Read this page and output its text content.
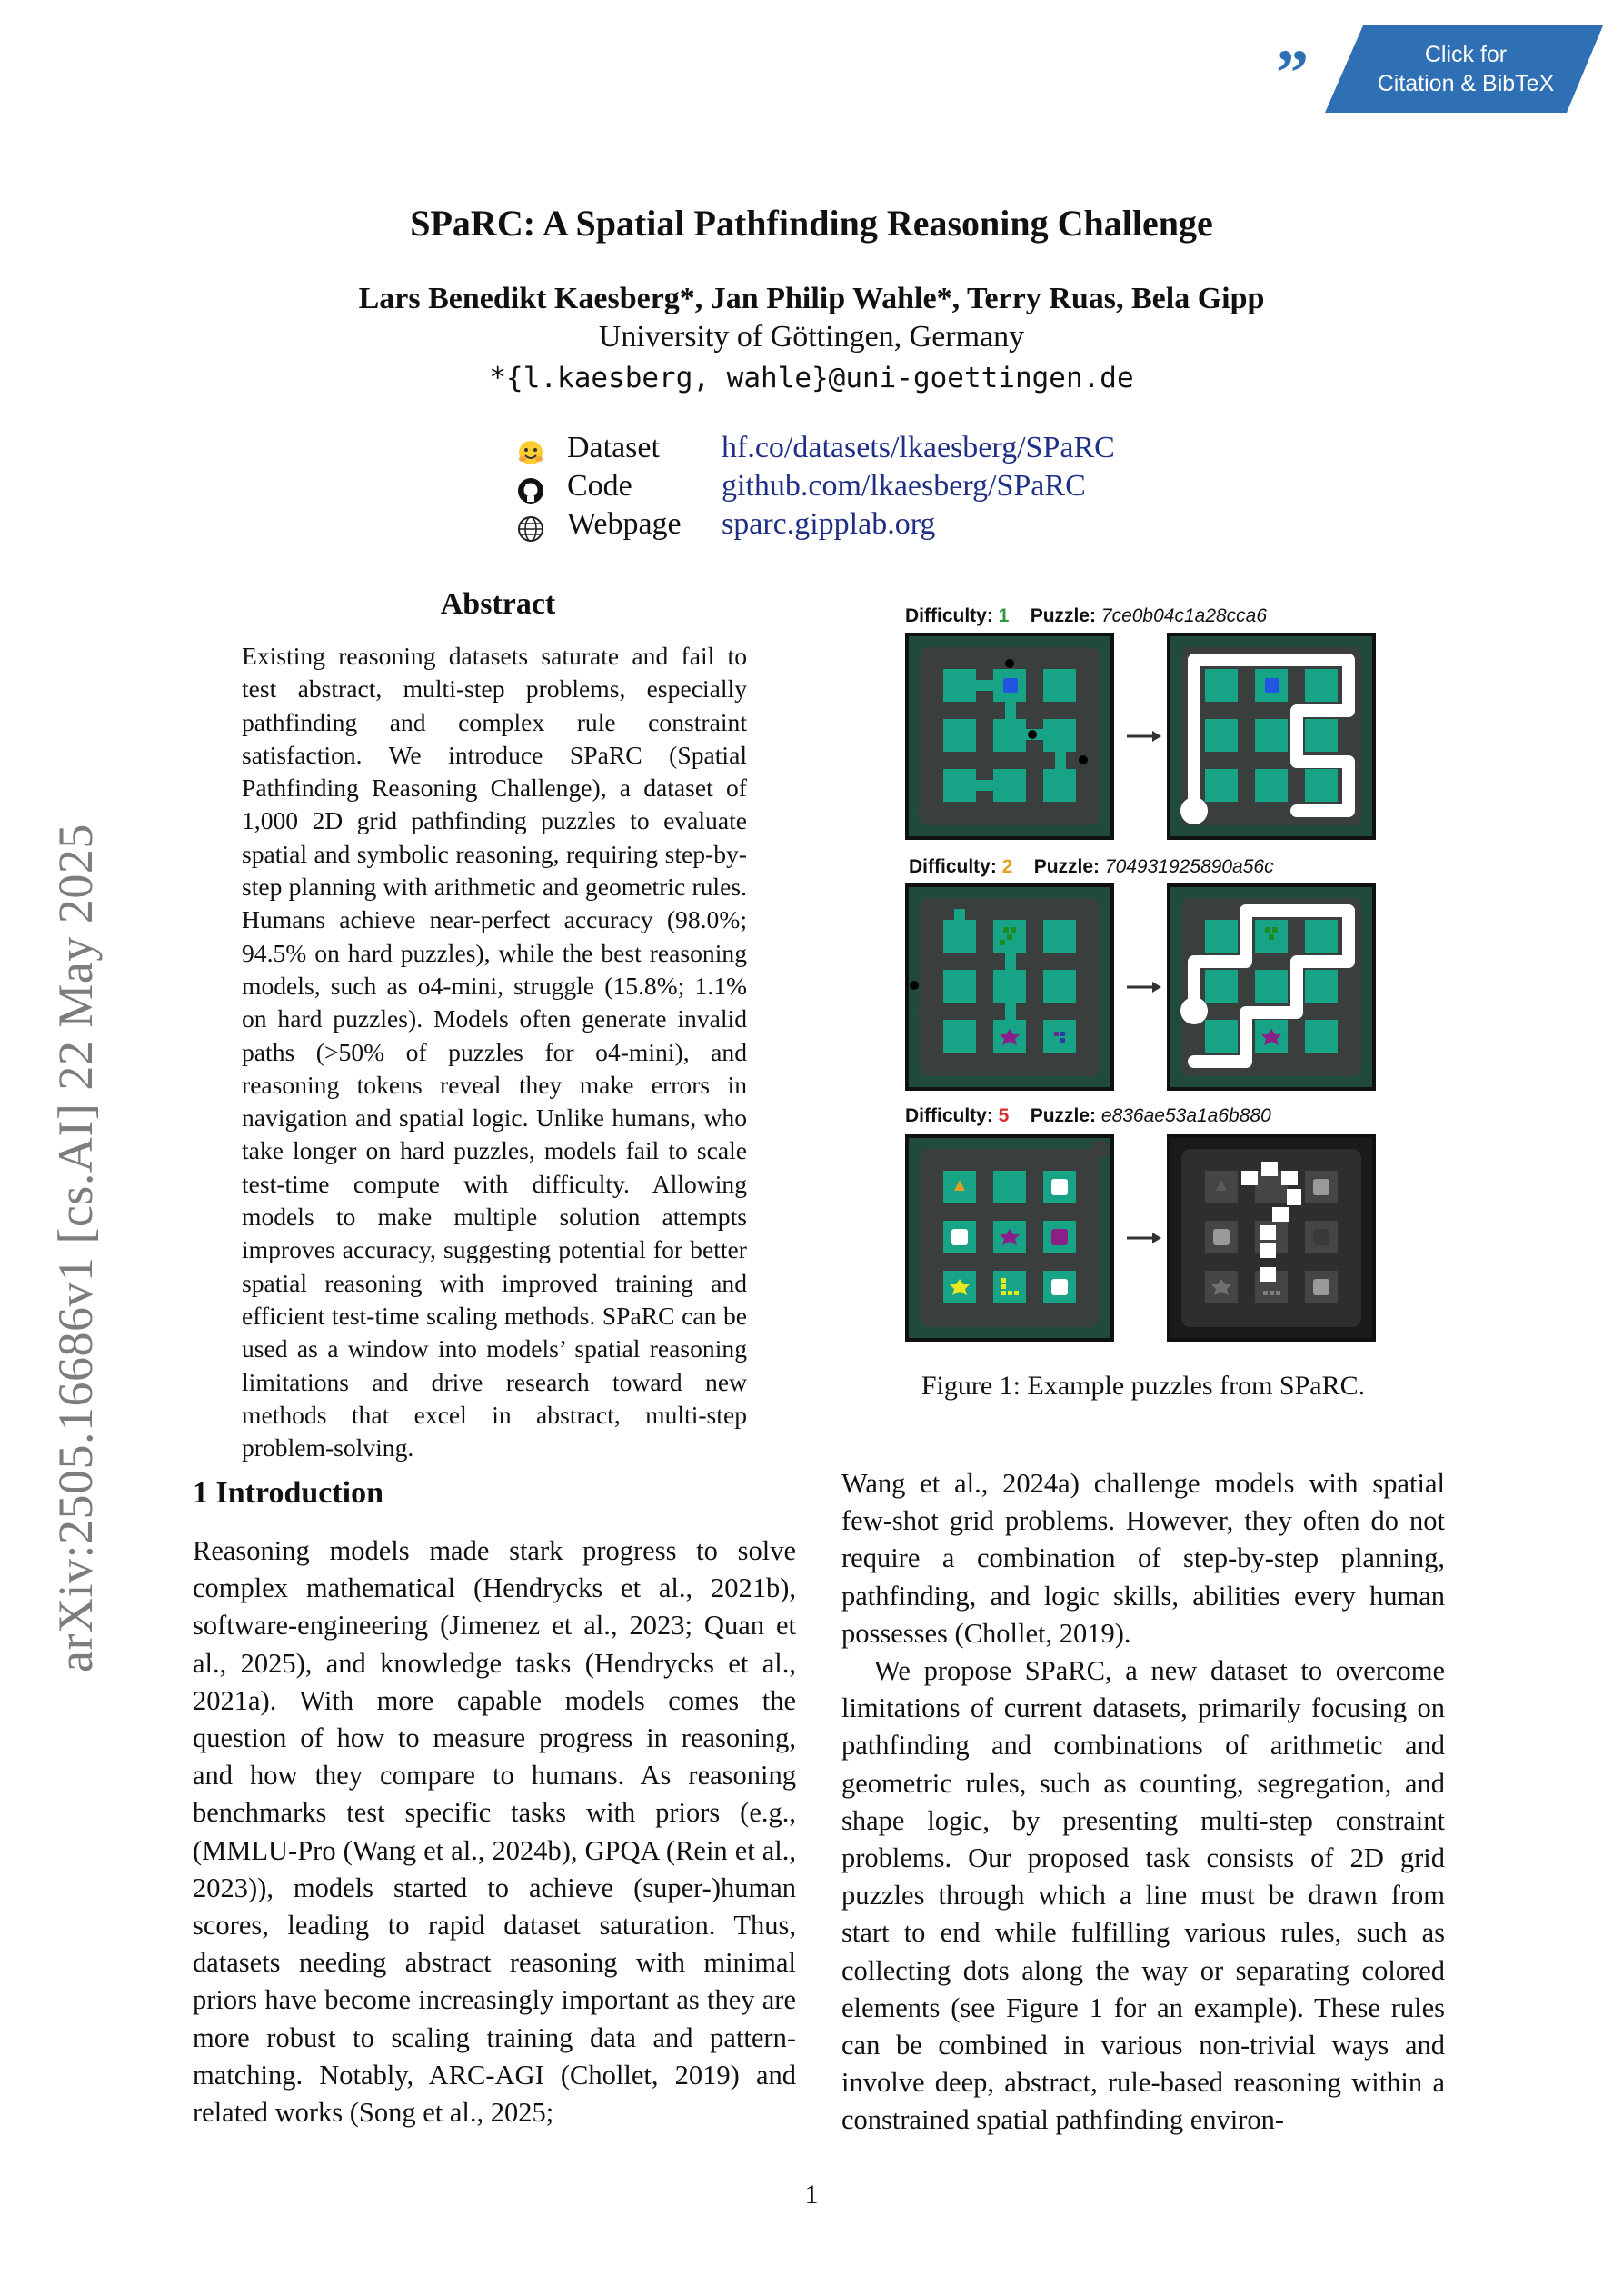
”	Click for
Citation & BibTeX
arXiv:2505.16686v1 [cs.AI] 22 May 2025
SPaRC: A Spatial Pathfinding Reasoning Challenge
Lars Benedikt Kaesberg*, Jan Philip Wahle*, Terry Ruas, Bela Gipp
University of Göttingen, Germany
*{l.kaesberg, wahle}@uni-goettingen.de
Dataset hf.co/datasets/lkaesberg/SPaRC
Code	github.com/lkaesberg/SPaRC
Webpage sparc.gipplab.org
Abstract
Existing reasoning datasets saturate and fail to test abstract, multi-step problems, especially pathfinding and complex rule constraint satisfaction. We introduce SPaRC (Spatial Pathfinding Reasoning Challenge), a dataset of 1,000 2D grid pathfinding puzzles to evaluate spatial and symbolic reasoning, requiring step-by-step planning with arithmetic and geometric rules. Humans achieve near-perfect accuracy (98.0%; 94.5% on hard puzzles), while the best reasoning models, such as o4-mini, struggle (15.8%; 1.1% on hard puzzles). Models often generate invalid paths (>50% of puzzles for o4-mini), and reasoning tokens reveal they make errors in navigation and spatial logic. Unlike humans, who take longer on hard puzzles, models fail to scale test-time compute with difficulty. Allowing models to make multiple solution attempts improves accuracy, suggesting potential for better spatial reasoning with improved training and efficient test-time scaling methods. SPaRC can be used as a window into models’ spatial reasoning limitations and drive research toward new methods that excel in abstract, multi-step problem-solving.
Difficulty: 1 Puzzle: 7ce0b04c1a28cca6
Difficulty: 2 Puzzle: 704931925890a56c
Difficulty: 5 Puzzle: e836ae53a1a6b880
Figure 1: Example puzzles from SPaRC.
1 Introduction
Reasoning models made stark progress to solve complex mathematical (Hendrycks et al., 2021b), software-engineering (Jimenez et al., 2023; Quan et al., 2025), and knowledge tasks (Hendrycks et al., 2021a). With more capable models comes the question of how to measure progress in reasoning, and how they compare to humans. As reasoning benchmarks test specific tasks with priors (e.g., (MMLU-Pro (Wang et al., 2024b), GPQA (Rein et al., 2023)), models started to achieve (super-)human scores, leading to rapid dataset saturation. Thus, datasets needing abstract reasoning with minimal priors have become increasingly important as they are more robust to scaling training data and pattern-matching. Notably, ARC-AGI (Chollet, 2019) and related works (Song et al., 2025;
Wang et al., 2024a) challenge models with spatial few-shot grid problems. However, they often do not require a combination of step-by-step planning, pathfinding, and logic skills, abilities every human possesses (Chollet, 2019).
We propose SPaRC, a new dataset to overcome limitations of current datasets, primarily focusing on pathfinding and combinations of arithmetic and geometric rules, such as counting, segregation, and shape logic, by presenting multi-step constraint problems. Our proposed task consists of 2D grid puzzles through which a line must be drawn from start to end while fulfilling various rules, such as collecting dots along the way or separating colored elements (see Figure 1 for an example). These rules can be combined in various non-trivial ways and involve deep, abstract, rule-based reasoning within a constrained spatial pathfinding environ-
1
